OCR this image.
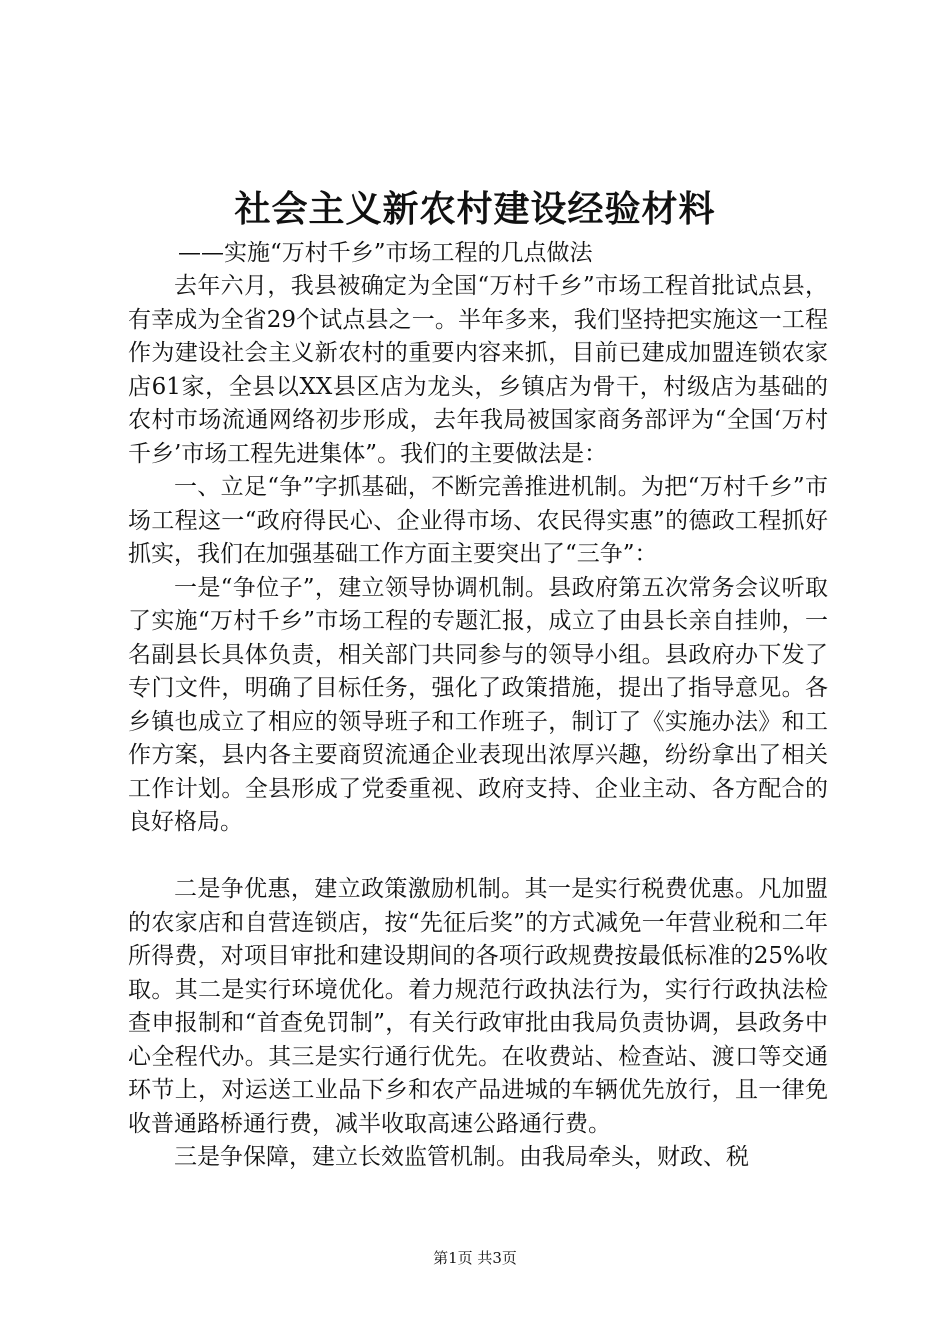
社会主义新农村建设经验材料
——实施“万村千乡”市场工程的几点做法

去年六月，我县被确定为全国“万村千乡”市场工程首批试点县，有幸成为全省29个试点县之一。半年多来，我们坚持把实施这一工程作为建设社会主义新农村的重要内容来抓，目前已建成加盟连锁农家店61家，全县以XX县区店为龙头，乡镇店为骨干，村级店为基础的农村市场流通网络初步形成，去年我局被国家商务部评为“全国‘万村千乡’市场工程先进集体”。我们的主要做法是：

一、立足“争”字抓基础，不断完善推进机制。为把“万村千乡”市场工程这一“政府得民心、企业得市场、农民得实惠”的德政工程抓好抓实，我们在加强基础工作方面主要突出了“三争”：

一是“争位子”，建立领导协调机制。县政府第五次常务会议听取了实施“万村千乡”市场工程的专题汇报，成立了由县长亲自挂帅，一名副县长具体负责，相关部门共同参与的领导小组。县政府办下发了专门文件，明确了目标任务，强化了政策措施，提出了指导意见。各乡镇也成立了相应的领导班子和工作班子，制订了《实施办法》和工作方案，县内各主要商贸流通企业表现出浓厚兴趣，纷纷拿出了相关工作计划。全县形成了党委重视、政府支持、企业主动、各方配合的良好格局。

二是争优惠，建立政策激励机制。其一是实行税费优惠。凡加盟的农家店和自营连锁店，按“先征后奖”的方式减免一年营业税和二年所得费，对项目审批和建设期间的各项行政规费按最低标准的25%收取。其二是实行环境优化。着力规范行政执法行为，实行行政执法检查申报制和“首查免罚制”，有关行政审批由我局负责协调，县政务中心全程代办。其三是实行通行优先。在收费站、检查站、渡口等交通环节上，对运送工业品下乡和农产品进城的车辆优先放行，且一律免收普通路桥通行费，减半收取高速公路通行费。

三是争保障，建立长效监管机制。由我局牵头，财政、税

第1页 共3页
